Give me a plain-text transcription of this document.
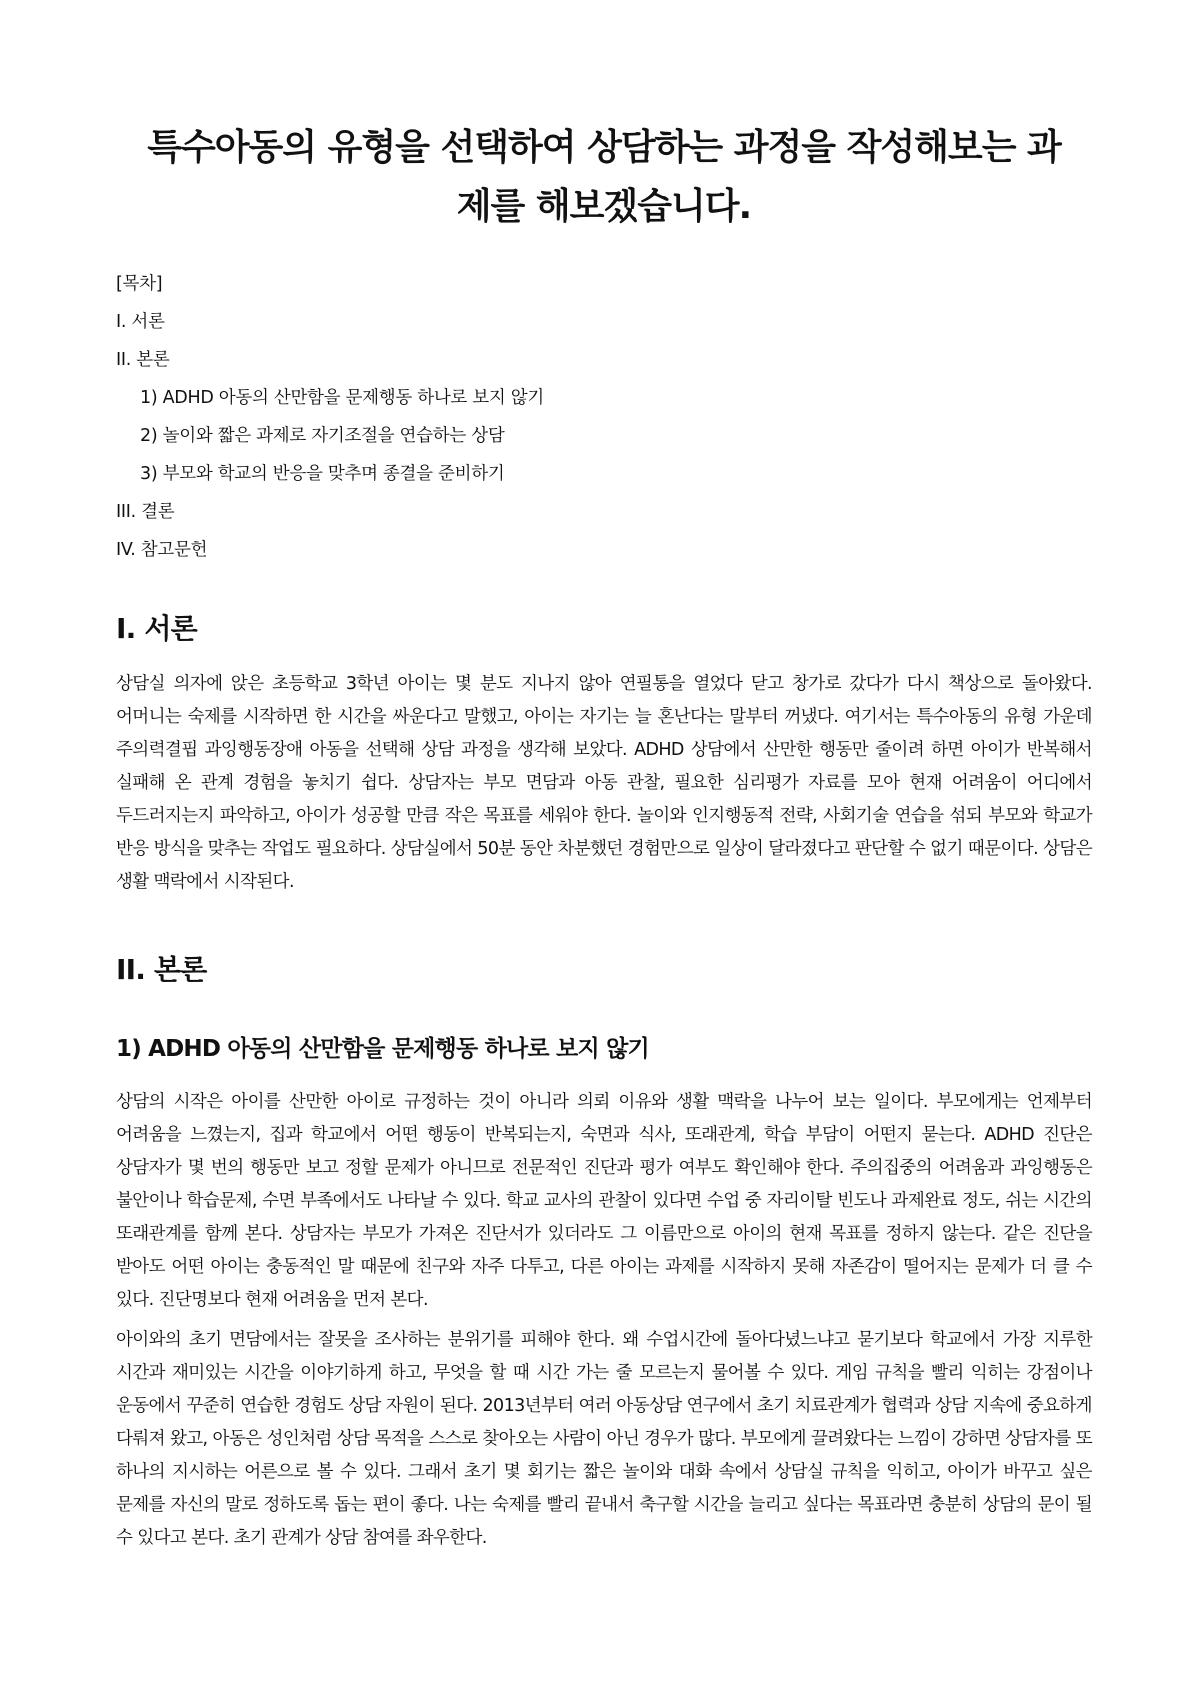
특수아동의 유형을 선택하여 상담하는 과정을 작성해보는 과제를 해보겠습니다.
[목차]
I. 서론
II. 본론
1) ADHD 아동의 산만함을 문제행동 하나로 보지 않기
2) 놀이와 짧은 과제로 자기조절을 연습하는 상담
3) 부모와 학교의 반응을 맞추며 종결을 준비하기
III. 결론
IV. 참고문헌
I. 서론

상담실 의자에 앉은 초등학교 3학년 아이는 몇 분도 지나지 않아 연필통을 열었다 닫고 창가로 갔다가 다시 책상으로 돌아왔다. 어머니는 숙제를 시작하면 한 시간을 싸운다고 말했고, 아이는 자기는 늘 혼난다는 말부터 꺼냈다. 여기서는 특수아동의 유형 가운데 주의력결핍 과잉행동장애 아동을 선택해 상담 과정을 생각해 보았다. ADHD 상담에서 산만한 행동만 줄이려 하면 아이가 반복해서 실패해 온 관계 경험을 놓치기 쉽다. 상담자는 부모 면담과 아동 관찰, 필요한 심리평가 자료를 모아 현재 어려움이 어디에서 두드러지는지 파악하고, 아이가 성공할 만큼 작은 목표를 세워야 한다. 놀이와 인지행동적 전략, 사회기술 연습을 섞되 부모와 학교가 반응 방식을 맞추는 작업도 필요하다. 상담실에서 50분 동안 차분했던 경험만으로 일상이 달라졌다고 판단할 수 없기 때문이다. 상담은 생활 맥락에서 시작된다.

II. 본론
1) ADHD 아동의 산만함을 문제행동 하나로 보지 않기

상담의 시작은 아이를 산만한 아이로 규정하는 것이 아니라 의뢰 이유와 생활 맥락을 나누어 보는 일이다. 부모에게는 언제부터 어려움을 느꼈는지, 집과 학교에서 어떤 행동이 반복되는지, 숙면과 식사, 또래관계, 학습 부담이 어떤지 묻는다. ADHD 진단은 상담자가 몇 번의 행동만 보고 정할 문제가 아니므로 전문적인 진단과 평가 여부도 확인해야 한다. 주의집중의 어려움과 과잉행동은 불안이나 학습문제, 수면 부족에서도 나타날 수 있다. 학교 교사의 관찰이 있다면 수업 중 자리이탈 빈도나 과제완료 정도, 쉬는 시간의 또래관계를 함께 본다. 상담자는 부모가 가져온 진단서가 있더라도 그 이름만으로 아이의 현재 목표를 정하지 않는다. 같은 진단을 받아도 어떤 아이는 충동적인 말 때문에 친구와 자주 다투고, 다른 아이는 과제를 시작하지 못해 자존감이 떨어지는 문제가 더 클 수 있다. 진단명보다 현재 어려움을 먼저 본다.

아이와의 초기 면담에서는 잘못을 조사하는 분위기를 피해야 한다. 왜 수업시간에 돌아다녔느냐고 묻기보다 학교에서 가장 지루한 시간과 재미있는 시간을 이야기하게 하고, 무엇을 할 때 시간 가는 줄 모르는지 물어볼 수 있다. 게임 규칙을 빨리 익히는 강점이나 운동에서 꾸준히 연습한 경험도 상담 자원이 된다. 2013년부터 여러 아동상담 연구에서 초기 치료관계가 협력과 상담 지속에 중요하게 다뤄져 왔고, 아동은 성인처럼 상담 목적을 스스로 찾아오는 사람이 아닌 경우가 많다. 부모에게 끌려왔다는 느낌이 강하면 상담자를 또 하나의 지시하는 어른으로 볼 수 있다. 그래서 초기 몇 회기는 짧은 놀이와 대화 속에서 상담실 규칙을 익히고, 아이가 바꾸고 싶은 문제를 자신의 말로 정하도록 돕는 편이 좋다. 나는 숙제를 빨리 끝내서 축구할 시간을 늘리고 싶다는 목표라면 충분히 상담의 문이 될 수 있다고 본다. 초기 관계가 상담 참여를 좌우한다.
